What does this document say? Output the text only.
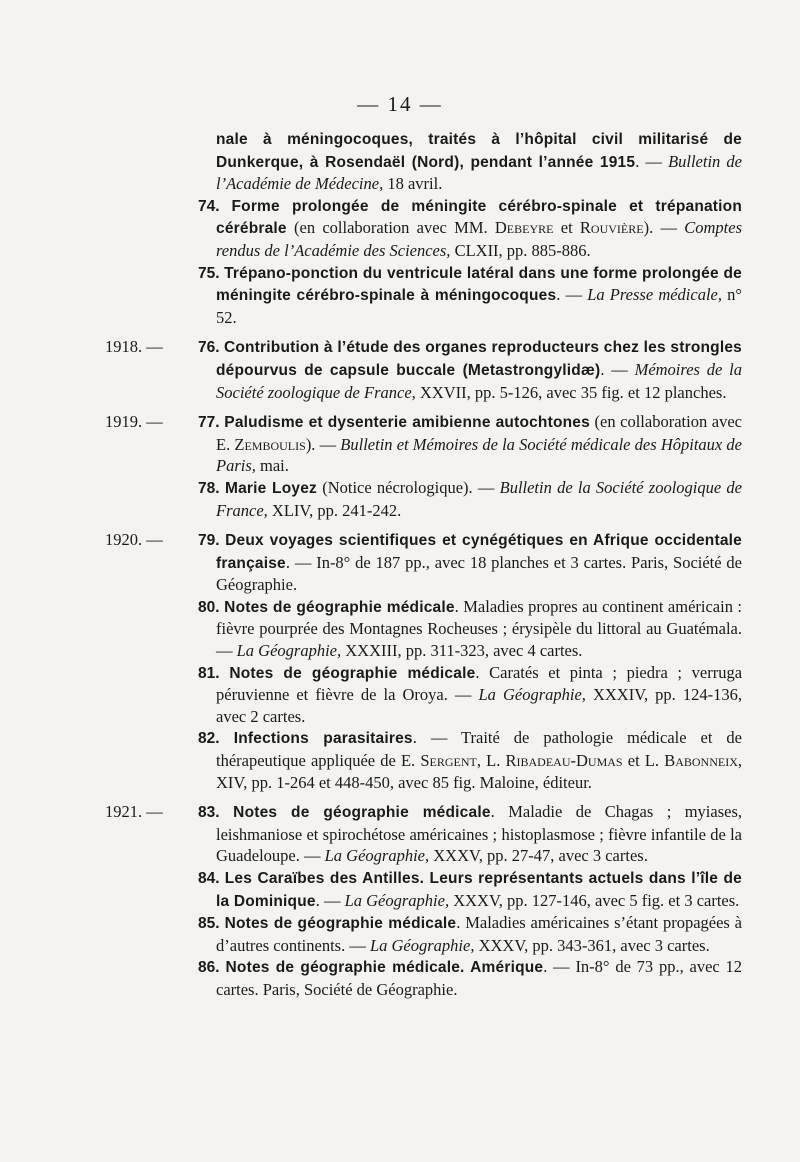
— 14 —

nale à méningocoques, traités à l’hôpital civil militarisé de Dunkerque, à Rosendaël (Nord), pendant l’année 1915. — Bulletin de l’Académie de Médecine, 18 avril.

74. Forme prolongée de méningite cérébro-spinale et trépanation cérébrale (en collaboration avec MM. Debeyre et Rouvière). — Comptes rendus de l’Académie des Sciences, CLXII, pp. 885-886.

75. Trépano-ponction du ventricule latéral dans une forme prolongée de méningite cérébro-spinale à méningocoques. — La Presse médicale, n° 52.

1918. — 76. Contribution à l’étude des organes reproducteurs chez les strongles dépourvus de capsule buccale (Metastrongylidæ). — Mémoires de la Société zoologique de France, XXVII, pp. 5-126, avec 35 fig. et 12 planches.

1919. — 77. Paludisme et dysenterie amibienne autochtones (en collaboration avec E. Zemboulis). — Bulletin et Mémoires de la Société médicale des Hôpitaux de Paris, mai.

78. Marie Loyez (Notice nécrologique). — Bulletin de la Société zoologique de France, XLIV, pp. 241-242.

1920. — 79. Deux voyages scientifiques et cynégétiques en Afrique occidentale française. — In-8° de 187 pp., avec 18 planches et 3 cartes. Paris, Société de Géographie.

80. Notes de géographie médicale. Maladies propres au continent américain : fièvre pourprée des Montagnes Rocheuses ; érysipèle du littoral au Guatémala. — La Géographie, XXXIII, pp. 311-323, avec 4 cartes.

81. Notes de géographie médicale. Caratés et pinta ; piedra ; verruga péruvienne et fièvre de la Oroya. — La Géographie, XXXIV, pp. 124-136, avec 2 cartes.

82. Infections parasitaires. — Traité de pathologie médicale et de thérapeutique appliquée de E. Sergent, L. Ribadeau-Dumas et L. Babonneix, XIV, pp. 1-264 et 448-450, avec 85 fig. Maloine, éditeur.

1921. — 83. Notes de géographie médicale. Maladie de Chagas ; myiases, leishmaniose et spirochétose américaines ; histoplasmose ; fièvre infantile de la Guadeloupe. — La Géographie, XXXV, pp. 27-47, avec 3 cartes.

84. Les Caraïbes des Antilles. Leurs représentants actuels dans l’île de la Dominique. — La Géographie, XXXV, pp. 127-146, avec 5 fig. et 3 cartes.

85. Notes de géographie médicale. Maladies américaines s’étant propagées à d’autres continents. — La Géographie, XXXV, pp. 343-361, avec 3 cartes.

86. Notes de géographie médicale. Amérique. — In-8° de 73 pp., avec 12 cartes. Paris, Société de Géographie.
